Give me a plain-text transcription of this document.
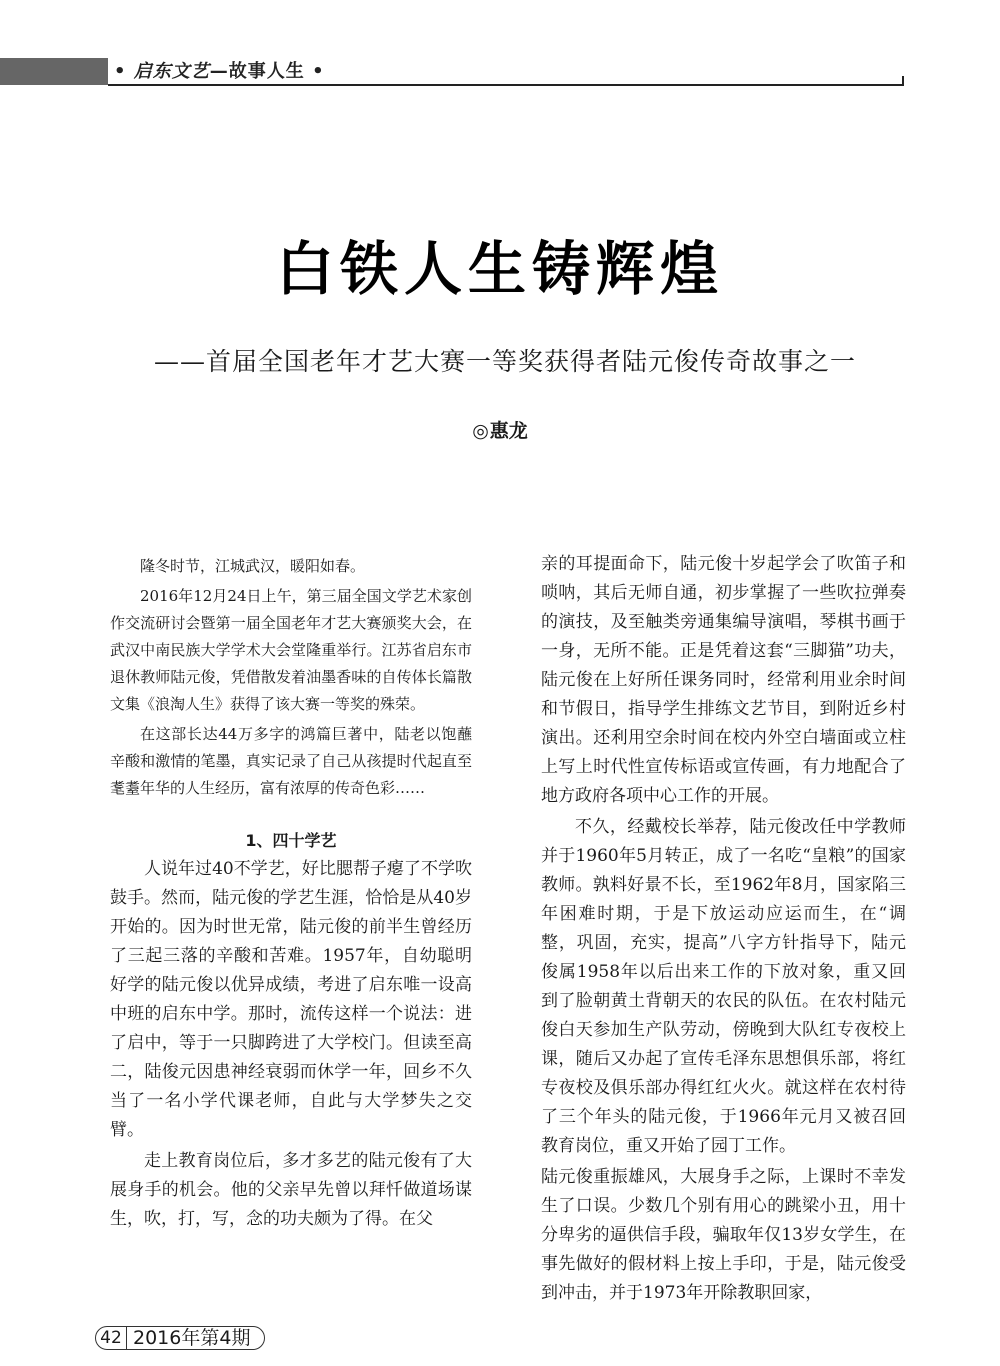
• 启东文艺—故事人生 •
白铁人生铸辉煌
——首届全国老年才艺大赛一等奖获得者陆元俊传奇故事之一
◎惠龙

隆冬时节，江城武汉，暖阳如春。

2016年12月24日上午，第三届全国文学艺术家创作交流研讨会暨第一届全国老年才艺大赛颁奖大会，在武汉中南民族大学学术大会堂隆重举行。江苏省启东市退休教师陆元俊，凭借散发着油墨香味的自传体长篇散文集《浪淘人生》获得了该大赛一等奖的殊荣。

在这部长达44万多字的鸿篇巨著中，陆老以饱蘸辛酸和激情的笔墨，真实记录了自己从孩提时代起直至耄耋年华的人生经历，富有浓厚的传奇色彩……

1、四十学艺

人说年过40不学艺，好比腮帮子瘪了不学吹鼓手。然而，陆元俊的学艺生涯，恰恰是从40岁开始的。因为时世无常，陆元俊的前半生曾经历了三起三落的辛酸和苦难。1957年，自幼聪明好学的陆元俊以优异成绩，考进了启东唯一设高中班的启东中学。那时，流传这样一个说法：进了启中，等于一只脚跨进了大学校门。但读至高二，陆俊元因患神经衰弱而休学一年，回乡不久当了一名小学代课老师，自此与大学梦失之交臂。

走上教育岗位后，多才多艺的陆元俊有了大展身手的机会。他的父亲早先曾以拜忏做道场谋生，吹，打，写，念的功夫颇为了得。在父

亲的耳提面命下，陆元俊十岁起学会了吹笛子和唢呐，其后无师自通，初步掌握了一些吹拉弹奏的演技，及至触类旁通集编导演唱，琴棋书画于一身，无所不能。正是凭着这套“三脚猫”功夫，陆元俊在上好所任课务同时，经常利用业余时间和节假日，指导学生排练文艺节目，到附近乡村演出。还利用空余时间在校内外空白墙面或立柱上写上时代性宣传标语或宣传画，有力地配合了地方政府各项中心工作的开展。

不久，经戴校长举荐，陆元俊改任中学教师并于1960年5月转正，成了一名吃“皇粮”的国家教师。孰料好景不长，至1962年8月，国家陷三年困难时期，于是下放运动应运而生，在“调整，巩固，充实，提高”八字方针指导下，陆元俊属1958年以后出来工作的下放对象，重又回到了脸朝黄土背朝天的农民的队伍。在农村陆元俊白天参加生产队劳动，傍晚到大队红专夜校上课，随后又办起了宣传毛泽东思想俱乐部，将红专夜校及俱乐部办得红红火火。就这样在农村待了三个年头的陆元俊，于1966年元月又被召回教育岗位，重又开始了园丁工作。

陆元俊重振雄风，大展身手之际，上课时不幸发生了口误。少数几个别有用心的跳梁小丑，用十分卑劣的逼供信手段，骗取年仅13岁女学生，在事先做好的假材料上按上手印，于是，陆元俊受到冲击，并于1973年开除教职回家，

42 2016年第4期
